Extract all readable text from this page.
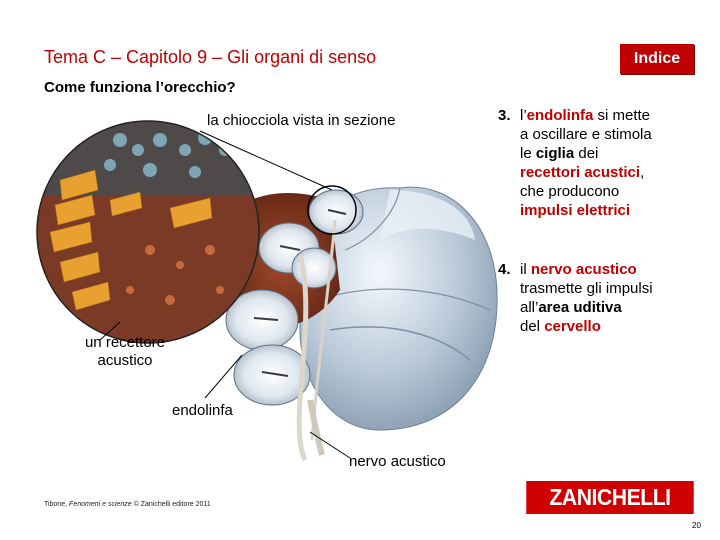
Tema C – Capitolo 9 – Gli organi di senso
Come funziona l’orecchio?
Indice
la chiocciola vista in sezione
un recettore
acustico
endolinfa
nervo acustico
3. l’endolinfa si mette
a oscillare e stimola
le ciglia dei
recettori acustici,
che producono
impulsi elettrici
4. il nervo acustico
trasmette gli impulsi
all’area uditiva
del cervello
Tibone, Fenomeni e scienze © Zanichelli editore 2011	ZANICHELLI
20
